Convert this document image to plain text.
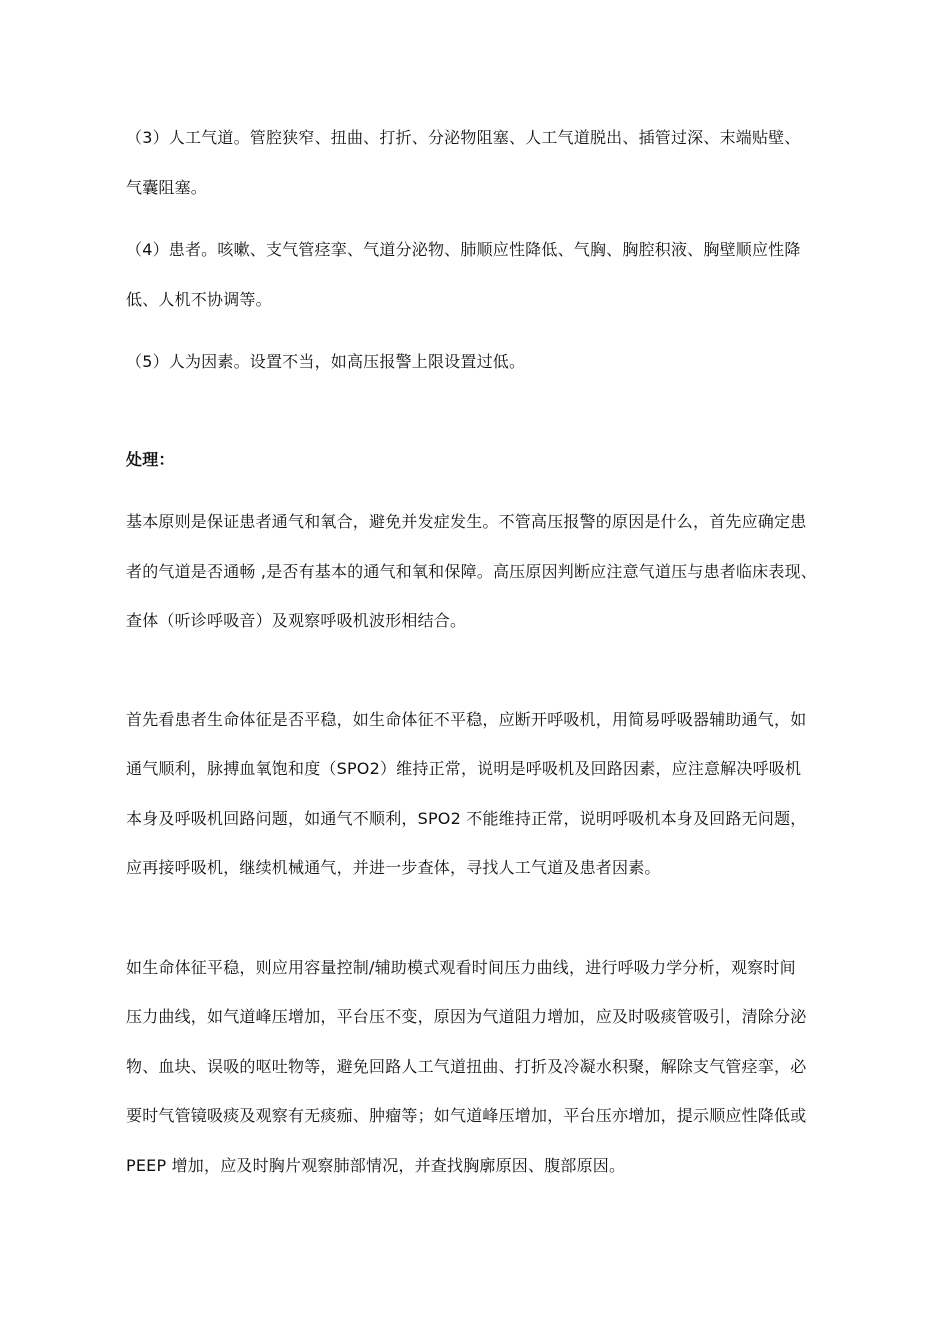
（3）人工气道。管腔狭窄、扭曲、打折、分泌物阻塞、人工气道脱出、插管过深、末端贴壁、
气囊阻塞。
（4）患者。咳嗽、支气管痉挛、气道分泌物、肺顺应性降低、气胸、胸腔积液、胸壁顺应性降
低、人机不协调等。
（5）人为因素。设置不当，如高压报警上限设置过低。
处理：
基本原则是保证患者通气和氧合，避免并发症发生。不管高压报警的原因是什么，首先应确定患
者的气道是否通畅 ,是否有基本的通气和氧和保障。高压原因判断应注意气道压与患者临床表现、
查体（听诊呼吸音）及观察呼吸机波形相结合。
首先看患者生命体征是否平稳，如生命体征不平稳，应断开呼吸机，用简易呼吸器辅助通气，如
通气顺利，脉搏血氧饱和度（SPO2）维持正常，说明是呼吸机及回路因素，应注意解决呼吸机
本身及呼吸机回路问题，如通气不顺利，SPO2 不能维持正常，说明呼吸机本身及回路无问题，
应再接呼吸机，继续机械通气，并进一步查体，寻找人工气道及患者因素。
如生命体征平稳，则应用容量控制/辅助模式观看时间压力曲线，进行呼吸力学分析，观察时间
压力曲线，如气道峰压增加，平台压不变，原因为气道阻力增加，应及时吸痰管吸引，清除分泌
物、血块、误吸的呕吐物等，避免回路人工气道扭曲、打折及冷凝水积聚，解除支气管痉挛，必
要时气管镜吸痰及观察有无痰痂、肿瘤等；如气道峰压增加，平台压亦增加，提示顺应性降低或
PEEP 增加，应及时胸片观察肺部情况，并查找胸廓原因、腹部原因。
